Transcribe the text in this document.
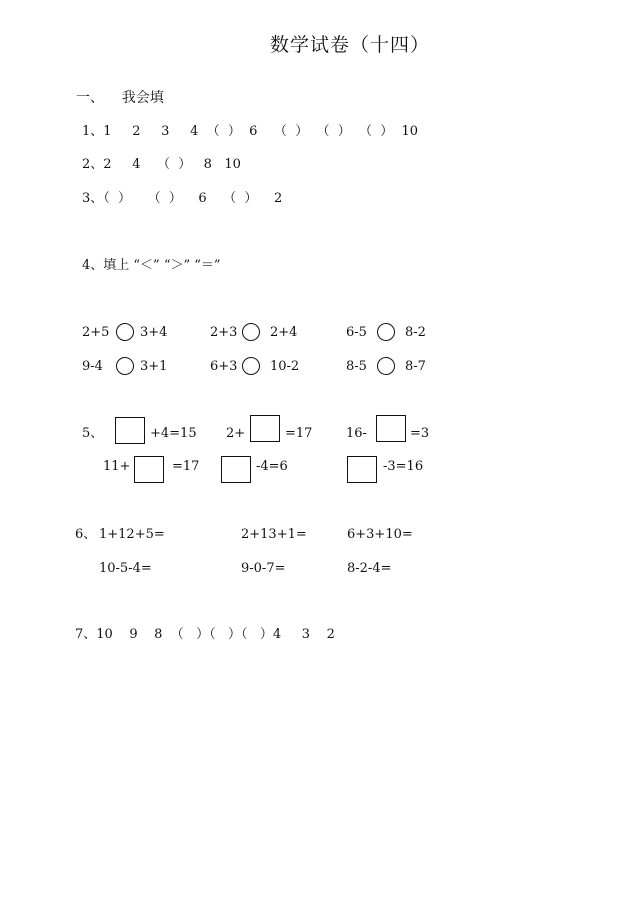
数学试卷（十四）
一、    我会填
1、1     2     3     4  （  ）  6    （  ）  （  ）  （  ）  10
2、2     4    （  ）   8   10
3、（  ）    （  ）    6    （  ）    2
4、填上 “＜” “＞” “＝”
2+5 3+4	2+3	2+4	6-5	8-2
9-4	3+1	6+3	10-2	8-5	8-7
5、	+4=15 2+	=17	16-	=3
11+	=17	-4=6	-3=16
6、 1+12+5=	2+13+1=	6+3+10=
10-5-4=	9-0-7=	8-2-4=
7、10    9    8  （   ）（   ）（   ）4     3    2
